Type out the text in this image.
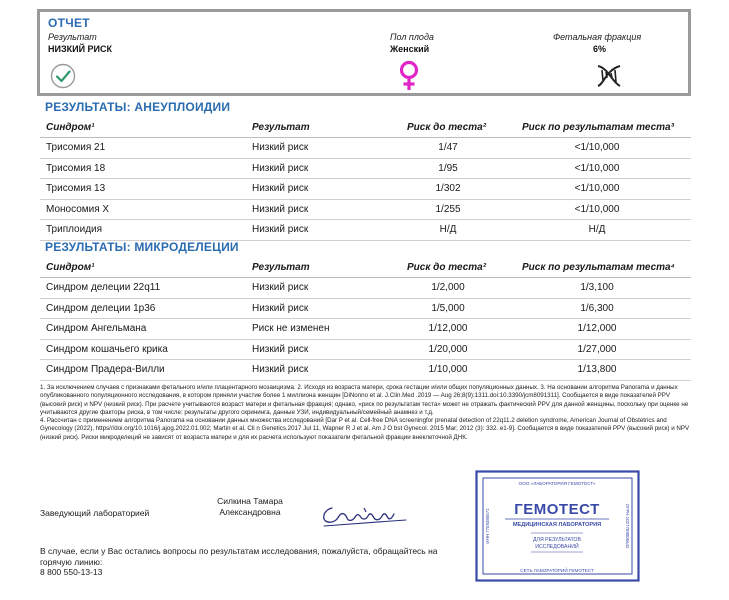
ОТЧЕТ
Результат
НИЗКИЙ РИСК
Пол плода
Женский
Фетальная фракция
6%
РЕЗУЛЬТАТЫ: АНЕУПЛОИДИИ
Синдром¹	Результат	Риск до теста²	Риск по результатам теста³
Трисомия 21	Низкий риск	1/47	<1/10,000
Трисомия 18	Низкий риск	1/95	<1/10,000
Трисомия 13	Низкий риск	1/302	<1/10,000
Моносомия X	Низкий риск	1/255	<1/10,000
Триплоидия	Низкий риск	Н/Д	Н/Д
РЕЗУЛЬТАТЫ: МИКРОДЕЛЕЦИИ
Синдром¹	Результат	Риск до теста²	Риск по результатам теста⁴
Синдром делеции 22q11	Низкий риск	1/2,000	1/3,100
Синдром делеции 1p36	Низкий риск	1/5,000	1/6,300
Синдром Ангельмана	Риск не изменен	1/12,000	1/12,000
Синдром кошачьего крика	Низкий риск	1/20,000	1/27,000
Синдром Прадера-Вилли	Низкий риск	1/10,000	1/13,800

1. За исключением случаев с признаками фетального и/или плацентарного мозаицизма. 2. Исходя из возраста матери, срока гестации и/или общих популяционных данных. 3. На основании алгоритма Panorama и данных опубликованного популяционного исследования, в котором приняли участие более 1 миллиона женщин [DiNonno et al. J.Clin.Med .2019 — Aug 26;8(9):1311.doi:10.3390/jcm8091311]. Сообщается в виде показателей PPV (высокий риск) и NPV (низкий риск). При расчете учитываются возраст матери и фетальная фракция; однако, «риск по результатам теста» может не отражать фактический PPV для данной женщины, поскольку при оценке не учитываются другие факторы риска, в том числе: результаты другого скрининга, данные УЗИ, индивидуальный/семейный анамнез и т.д.

4. Рассчитан с применением алгоритма Panorama на основании данных множества исследований [Dar P et al. Cell-free DNA screeningfor prenatal detection of 22q11.2 deletion syndrome, American Journal of Obstetrics and Gynecology (2022), https///doi.org/10.1016/j.ajog.2022.01.002; Martin et al. Cli n Genetics.2017 Jul 11, Wapner R J et al. Am J O bst Gynecol. 2015 Mar; 2012 (3): 332. e1-9]. Сообщается в виде показателей PPV (высокий риск) и NPV (низкий риск). Риски микроделеций не зависят от возраста матери и для их расчета используют показатели фетальной фракции внеклеточной ДНК.

Заведующий лабораторией
Силкина Тамара
Александровна
В случае, если у Вас остались вопросы по результатам исследования, пожалуйста, обращайтесь на
горячую линию:
8 800 550-13-13
ООО «ЛАБОРАТОРИЯ ГЕМОТЕСТ»
СЕТЬ ЛАБОРАТОРИЙ ГЕМОТЕСТ
ИНН 7709385571	ОГРН 1027709005642
ГЕМОТЕСТ
МЕДИЦИНСКАЯ ЛАБОРАТОРИЯ
ДЛЯ РЕЗУЛЬТАТОВ
ИССЛЕДОВАНИЙ
